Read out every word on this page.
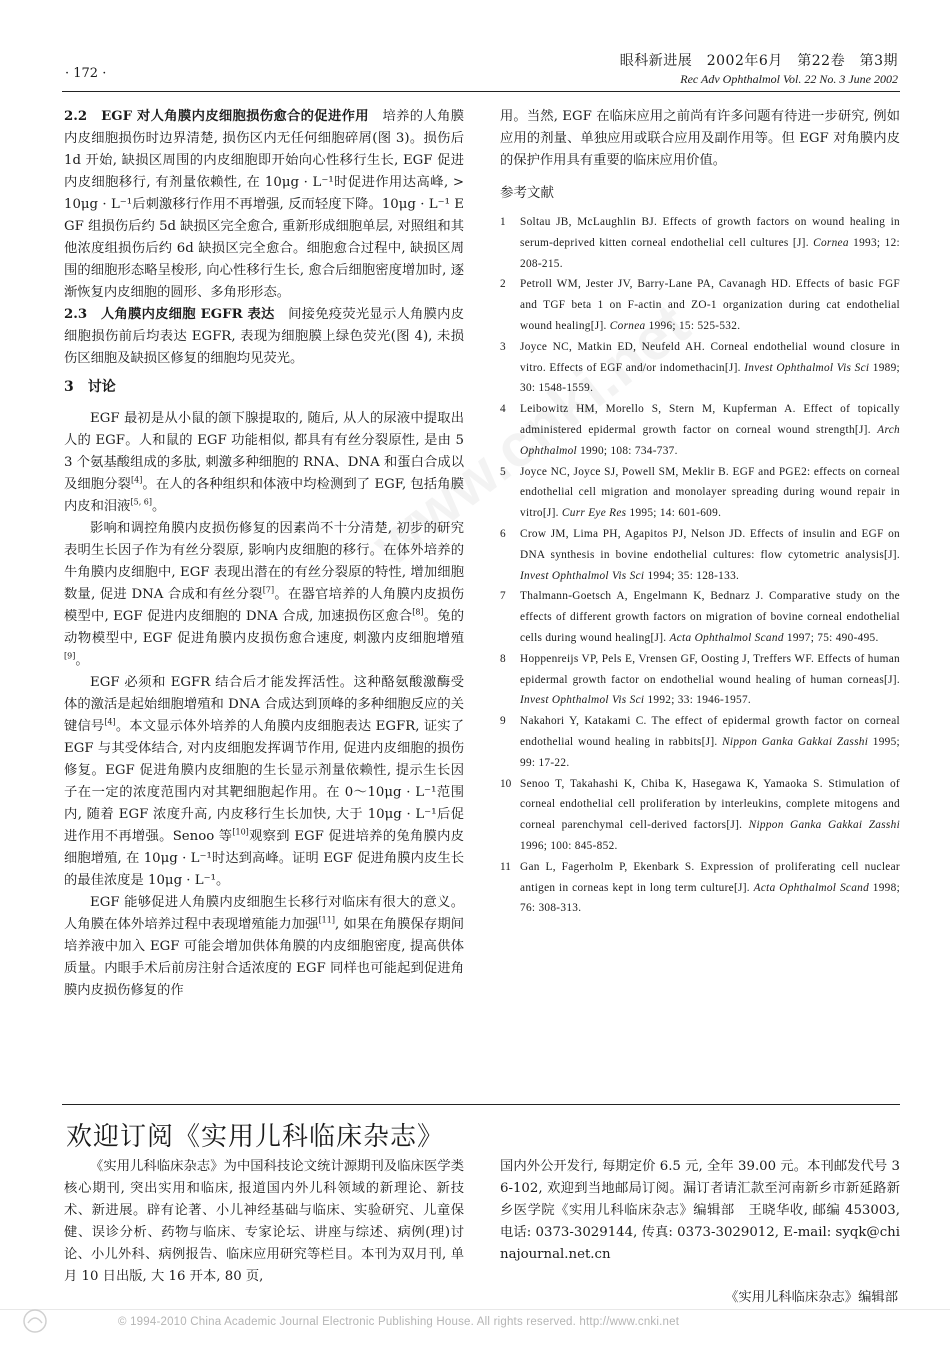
· 172 ·
眼科新进展　2002年6月　第22卷　第3期
Rec Adv Ophthalmol Vol. 22 No. 3 June 2002

2.2　EGF 对人角膜内皮细胞损伤愈合的促进作用　 培养的人角膜内皮细胞损伤时边界清楚, 损伤区内无任何细胞碎屑(图 3)。损伤后 1d 开始, 缺损区周围的内皮细胞即开始向心性移行生长, EGF 促进内皮细胞移行, 有剂量依赖性, 在 10μg · L⁻¹时促进作用达高峰, > 10μg · L⁻¹后刺激移行作用不再增强, 反而轻度下降。10μg · L⁻¹ EGF 组损伤后约 5d 缺损区完全愈合, 重新形成细胞单层, 对照组和其他浓度组损伤后约 6d 缺损区完全愈合。细胞愈合过程中, 缺损区周围的细胞形态略呈梭形, 向心性移行生长, 愈合后细胞密度增加时, 逐渐恢复内皮细胞的圆形、多角形形态。

2.3　人角膜内皮细胞 EGFR 表达　 间接免疫荧光显示人角膜内皮细胞损伤前后均表达 EGFR, 表现为细胞膜上绿色荧光(图 4), 未损伤区细胞及缺损区修复的细胞均见荧光。

3　讨论

EGF 最初是从小鼠的颌下腺提取的, 随后, 从人的尿液中提取出人的 EGF。人和鼠的 EGF 功能相似, 都具有有丝分裂原性, 是由 53 个氨基酸组成的多肽, 刺激多种细胞的 RNA、DNA 和蛋白合成以及细胞分裂[4]。在人的各种组织和体液中均检测到了 EGF, 包括角膜内皮和泪液[5, 6]。

影响和调控角膜内皮损伤修复的因素尚不十分清楚, 初步的研究表明生长因子作为有丝分裂原, 影响内皮细胞的移行。在体外培养的牛角膜内皮细胞中, EGF 表现出潜在的有丝分裂原的特性, 增加细胞数量, 促进 DNA 合成和有丝分裂[7]。在器官培养的人角膜内皮损伤模型中, EGF 促进内皮细胞的 DNA 合成, 加速损伤区愈合[8]。兔的动物模型中, EGF 促进角膜内皮损伤愈合速度, 刺激内皮细胞增殖[9]。

EGF 必须和 EGFR 结合后才能发挥活性。这种酪氨酸激酶受体的激活是起始细胞增殖和 DNA 合成达到顶峰的多种细胞反应的关键信号[4]。本文显示体外培养的人角膜内皮细胞表达 EGFR, 证实了 EGF 与其受体结合, 对内皮细胞发挥调节作用, 促进内皮细胞的损伤修复。EGF 促进角膜内皮细胞的生长显示剂量依赖性, 提示生长因子在一定的浓度范围内对其靶细胞起作用。在 0～10μg · L⁻¹范围内, 随着 EGF 浓度升高, 内皮移行生长加快, 大于 10μg · L⁻¹后促进作用不再增强。Senoo 等[10]观察到 EGF 促进培养的兔角膜内皮细胞增殖, 在 10μg · L⁻¹时达到高峰。证明 EGF 促进角膜内皮生长的最佳浓度是 10μg · L⁻¹。

EGF 能够促进人角膜内皮细胞生长移行对临床有很大的意义。人角膜在体外培养过程中表现增殖能力加强[11], 如果在角膜保存期间培养液中加入 EGF 可能会增加供体角膜的内皮细胞密度, 提高供体质量。内眼手术后前房注射合适浓度的 EGF 同样也可能起到促进角膜内皮损伤修复的作

用。当然, EGF 在临床应用之前尚有许多问题有待进一步研究, 例如应用的剂量、单独应用或联合应用及副作用等。但 EGF 对角膜内皮的保护作用具有重要的临床应用价值。

参考文献

1	Soltau JB, McLaughlin BJ. Effects of growth factors on wound healing in serum-deprived kitten corneal endothelial cell cultures [J]. Cornea 1993; 12: 208-215.
2	Petroll WM, Jester JV, Barry-Lane PA, Cavanagh HD. Effects of basic FGF and TGF beta 1 on F-actin and ZO-1 organization during cat endothelial wound healing[J]. Cornea 1996; 15: 525-532.
3	Joyce NC, Matkin ED, Neufeld AH. Corneal endothelial wound closure in vitro. Effects of EGF and/or indomethacin[J]. Invest Ophthalmol Vis Sci 1989; 30: 1548-1559.
4	Leibowitz HM, Morello S, Stern M, Kupferman A. Effect of topically administered epidermal growth factor on corneal wound strength[J]. Arch Ophthalmol 1990; 108: 734-737.
5	Joyce NC, Joyce SJ, Powell SM, Meklir B. EGF and PGE2: effects on corneal endothelial cell migration and monolayer spreading during wound repair in vitro[J]. Curr Eye Res 1995; 14: 601-609.
6	Crow JM, Lima PH, Agapitos PJ, Nelson JD. Effects of insulin and EGF on DNA synthesis in bovine endothelial cultures: flow cytometric analysis[J]. Invest Ophthalmol Vis Sci 1994; 35: 128-133.
7	Thalmann-Goetsch A, Engelmann K, Bednarz J. Comparative study on the effects of different growth factors on migration of bovine corneal endothelial cells during wound healing[J]. Acta Ophthalmol Scand 1997; 75: 490-495.
8	Hoppenreijs VP, Pels E, Vrensen GF, Oosting J, Treffers WF. Effects of human epidermal growth factor on endothelial wound healing of human corneas[J]. Invest Ophthalmol Vis Sci 1992; 33: 1946-1957.
9	Nakahori Y, Katakami C. The effect of epidermal growth factor on corneal endothelial wound healing in rabbits[J]. Nippon Ganka Gakkai Zasshi 1995; 99: 17-22.
10 Senoo T, Takahashi K, Chiba K, Hasegawa K, Yamaoka S. Stimulation of corneal endothelial cell proliferation by interleukins, complete mitogens and corneal parenchymal cell-derived factors[J]. Nippon Ganka Gakkai Zasshi 1996; 100: 845-852.
11 Gan L, Fagerholm P, Ekenbark S. Expression of proliferating cell nuclear antigen in corneas kept in long term culture[J]. Acta Ophthalmol Scand 1998; 76: 308-313.
欢迎订阅《实用儿科临床杂志》

《实用儿科临床杂志》为中国科技论文统计源期刊及临床医学类核心期刊, 突出实用和临床, 报道国内外儿科领域的新理论、新技术、新进展。辟有论著、小儿神经基础与临床、实验研究、儿童保健、误诊分析、药物与临床、专家论坛、讲座与综述、病例(理)讨论、小儿外科、病例报告、临床应用研究等栏目。本刊为双月刊, 单月 10 日出版, 大 16 开本, 80 页,

国内外公开发行, 每期定价 6.5 元, 全年 39.00 元。本刊邮发代号 36-102, 欢迎到当地邮局订阅。漏订者请汇款至河南新乡市新延路新乡医学院《实用儿科临床杂志》编辑部　王晓华收, 邮编 453003, 电话: 0373-3029144, 传真: 0373-3029012, E-mail: syqk@chinajournal.net.cn

《实用儿科临床杂志》编辑部
© 1994-2010 China Academic Journal Electronic Publishing House. All rights reserved. http://www.cnki.net
